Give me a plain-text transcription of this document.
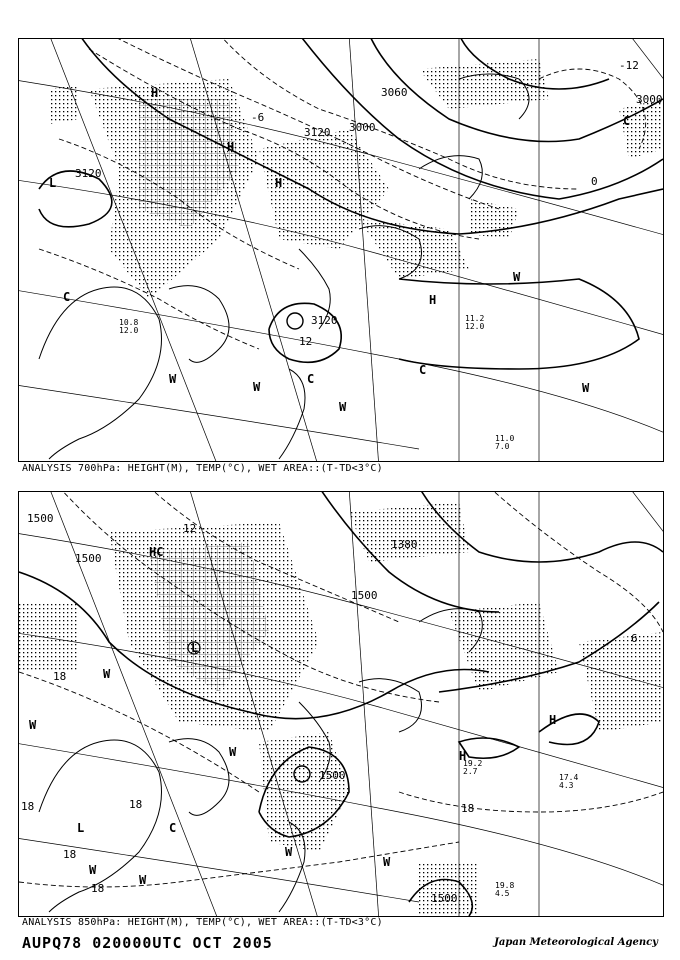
3120
3060
3000
3120
3000
3120
H
L
C
H
H
W	C
W
C
W
H
W
W
C
-6
0
12
-12
11.2
12.0
11.0
7.0
10.8
12.0
ANALYSIS 700hPa: HEIGHT(M), TEMP(°C), WET AREA::(T-TD<3°C)
1500
1500
1380
1500
1500
1500
HC
L
W
W
L	C
W
W
W
W
H
H
W
18
18
18
18
18
18
12
6
19.8
4.5
17.4
4.3
19.2
2.7
ANALYSIS 850hPa: HEIGHT(M), TEMP(°C), WET AREA::(T-TD<3°C)
AUPQ78 020000UTC OCT 2005	Japan Meteorological Agency
